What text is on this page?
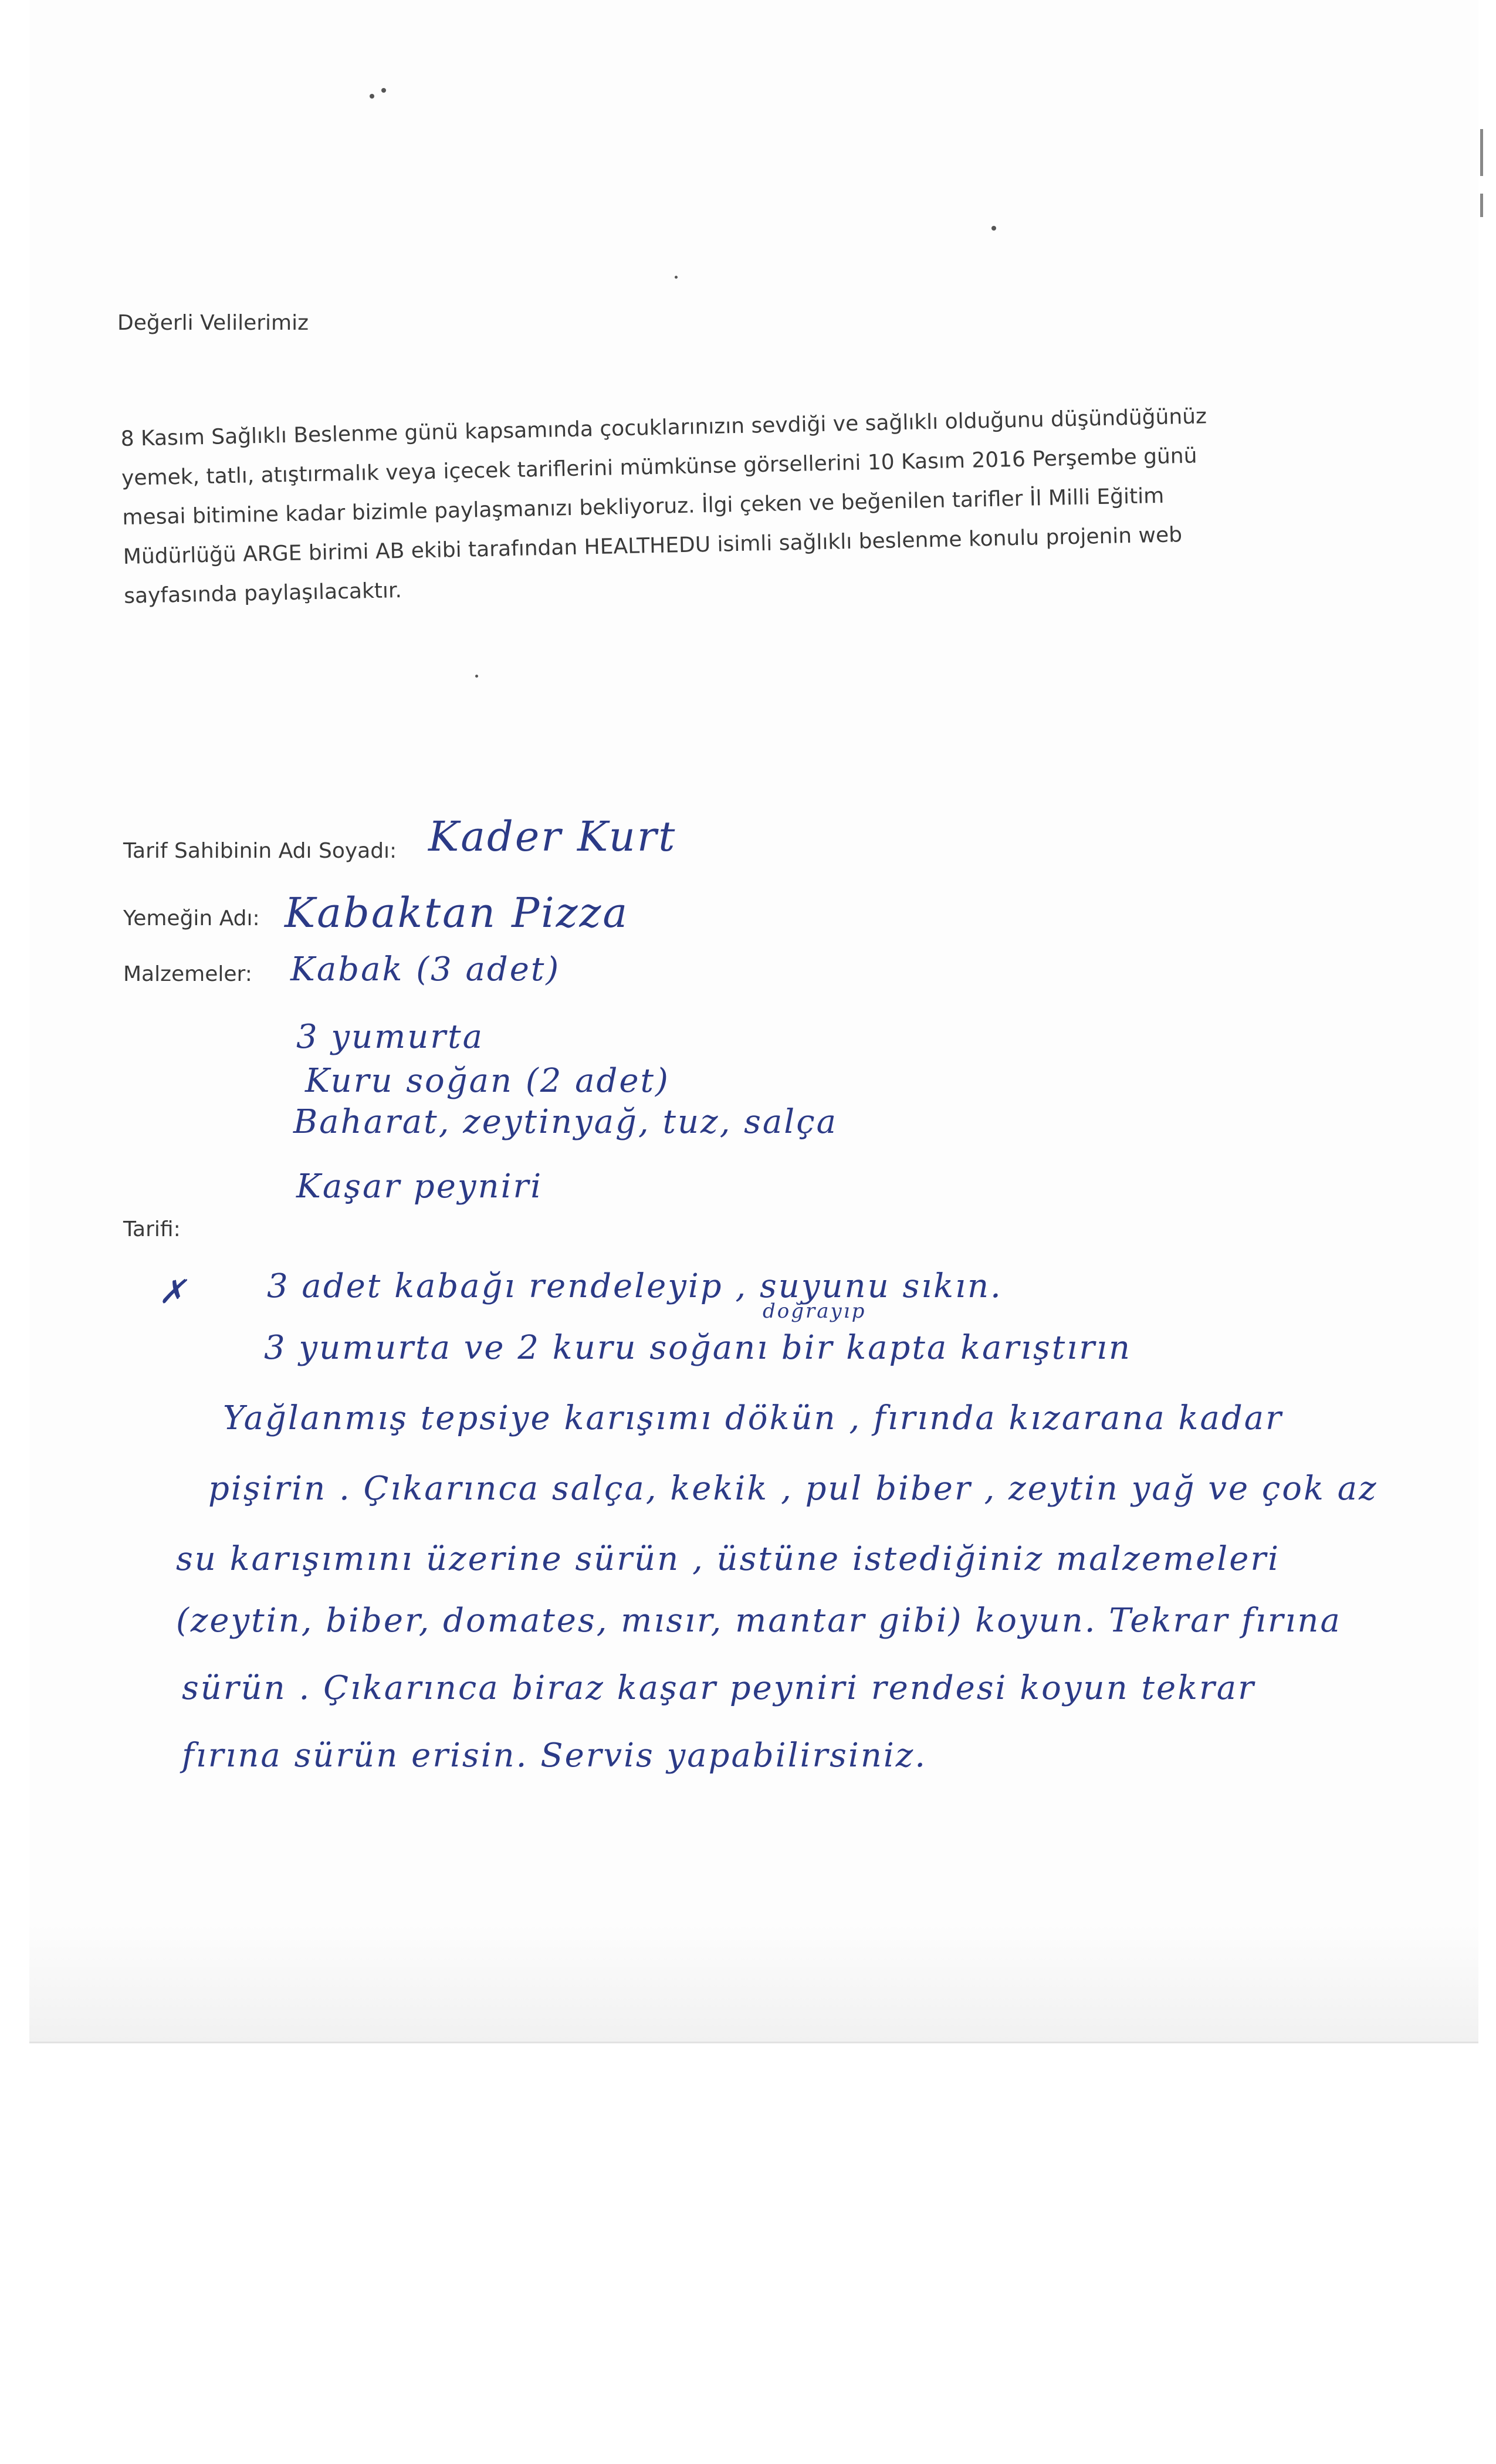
Değerli Velilerimiz
8 Kasım Sağlıklı Beslenme günü kapsamında çocuklarınızın sevdiği ve sağlıklı olduğunu düşündüğünüz
yemek, tatlı, atıştırmalık veya içecek tariflerini mümkünse görsellerini 10 Kasım 2016 Perşembe günü
mesai bitimine kadar bizimle paylaşmanızı bekliyoruz. İlgi çeken ve beğenilen tarifler İl Milli Eğitim
Müdürlüğü ARGE birimi AB ekibi tarafından HEALTHEDU isimli sağlıklı beslenme konulu projenin web
sayfasında paylaşılacaktır.
Tarif Sahibinin Adı Soyadı: Kader Kurt
Yemeğin Adı: Kabaktan Pizza
Malzemeler: Kabak (3 adet)
3 yumurta
Kuru soğan (2 adet)
Baharat, zeytinyağ, tuz, salça
Kaşar peyniri
Tarifi:
✗ 3 adet kabağı rendeleyip , suyunu sıkın.
doğrayıp
3 yumurta ve 2 kuru soğanı bir kapta karıştırın
Yağlanmış tepsiye karışımı dökün , fırında kızarana kadar
pişirin . Çıkarınca salça, kekik , pul biber , zeytin yağ ve çok az
su karışımını üzerine sürün , üstüne istediğiniz malzemeleri
(zeytin, biber, domates, mısır, mantar gibi) koyun. Tekrar fırına
sürün . Çıkarınca biraz kaşar peyniri rendesi koyun tekrar
fırına sürün erisin. Servis yapabilirsiniz.
